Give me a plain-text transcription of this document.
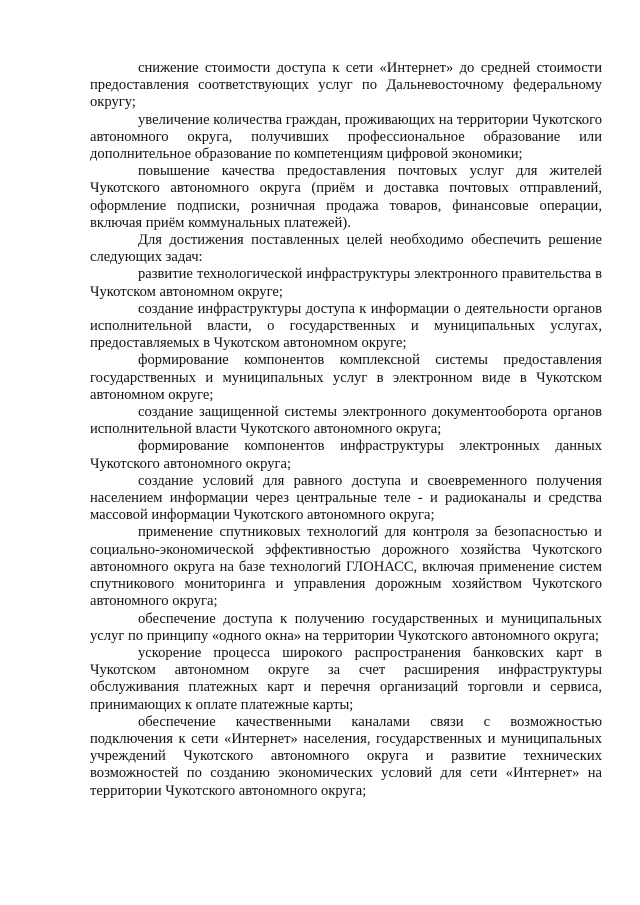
снижение стоимости доступа к сети «Интернет» до средней стоимости предоставления соответствующих услуг по Дальневосточному федеральному округу;

увеличение количества граждан, проживающих на территории Чукотского автономного округа, получивших профессиональное образование или дополнительное образование по компетенциям цифровой экономики;

повышение качества предоставления почтовых услуг для жителей Чукотского автономного округа (приём и доставка почтовых отправлений, оформление подписки, розничная продажа товаров, финансовые операции, включая приём коммунальных платежей).

Для достижения поставленных целей необходимо обеспечить решение следующих задач:

развитие технологической инфраструктуры электронного правительства в Чукотском автономном округе;

создание инфраструктуры доступа к информации о деятельности органов исполнительной власти, о государственных и муниципальных услугах, предоставляемых в Чукотском автономном округе;

формирование компонентов комплексной системы предоставления государственных и муниципальных услуг в электронном виде в Чукотском автономном округе;

создание защищенной системы электронного документооборота органов исполнительной власти Чукотского автономного округа;

формирование компонентов инфраструктуры электронных данных Чукотского автономного округа;

создание условий для равного доступа и своевременного получения населением информации через центральные теле - и радиоканалы и средства массовой информации Чукотского автономного округа;

применение спутниковых технологий для контроля за безопасностью и социально-экономической эффективностью дорожного хозяйства Чукотского автономного округа на базе технологий ГЛОНАСС, включая применение систем спутникового мониторинга и управления дорожным хозяйством Чукотского автономного округа;

обеспечение доступа к получению государственных и муниципальных услуг по принципу «одного окна» на территории Чукотского автономного округа;

ускорение процесса широкого распространения банковских карт в Чукотском автономном округе за счет расширения инфраструктуры обслуживания платежных карт и перечня организаций торговли и сервиса, принимающих к оплате платежные карты;

обеспечение качественными каналами связи с возможностью подключения к сети «Интернет» населения, государственных и муниципальных учреждений Чукотского автономного округа и развитие технических возможностей по созданию экономических условий для сети «Интернет» на территории Чукотского автономного округа;
